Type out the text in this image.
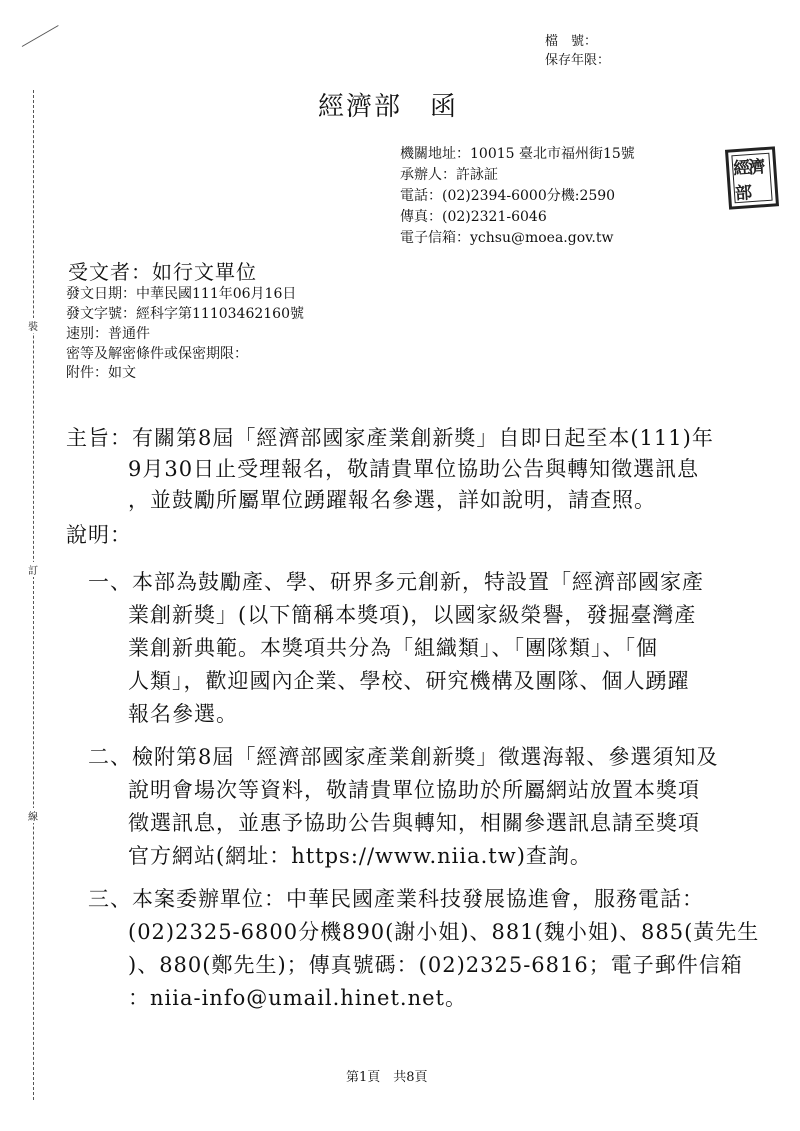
裝
訂
線
檔　號：
保存年限：
經濟部　函
機關地址：10015 臺北市福州街15號
承辦人：許詠証
電話：(02)2394-6000分機:2590
傳真：(02)2321-6046
電子信箱：ychsu@moea.gov.tw
經濟部
受文者：如行文單位
發文日期：中華民國111年06月16日
發文字號：經科字第11103462160號
速別：普通件
密等及解密條件或保密期限：
附件：如文
主旨：有關第8屆「經濟部國家產業創新獎」自即日起至本(111)年
9月30日止受理報名，敬請貴單位協助公告與轉知徵選訊息
，並鼓勵所屬單位踴躍報名參選，詳如說明，請查照。
說明：
一、本部為鼓勵產、學、研界多元創新，特設置「經濟部國家產
業創新獎」(以下簡稱本獎項)，以國家級榮譽，發掘臺灣產
業創新典範。本獎項共分為「組織類」、「團隊類」、「個
人類」，歡迎國內企業、學校、研究機構及團隊、個人踴躍
報名參選。
二、檢附第8屆「經濟部國家產業創新獎」徵選海報、參選須知及
說明會場次等資料，敬請貴單位協助於所屬網站放置本獎項
徵選訊息，並惠予協助公告與轉知，相關參選訊息請至獎項
官方網站(網址：https://www.niia.tw)查詢。
三、本案委辦單位：中華民國產業科技發展協進會，服務電話：
(02)2325-6800分機890(謝小姐)、881(魏小姐)、885(黃先生
)、880(鄭先生)；傳真號碼：(02)2325-6816；電子郵件信箱
：niia-info@umail.hinet.net。
第1頁　共8頁
